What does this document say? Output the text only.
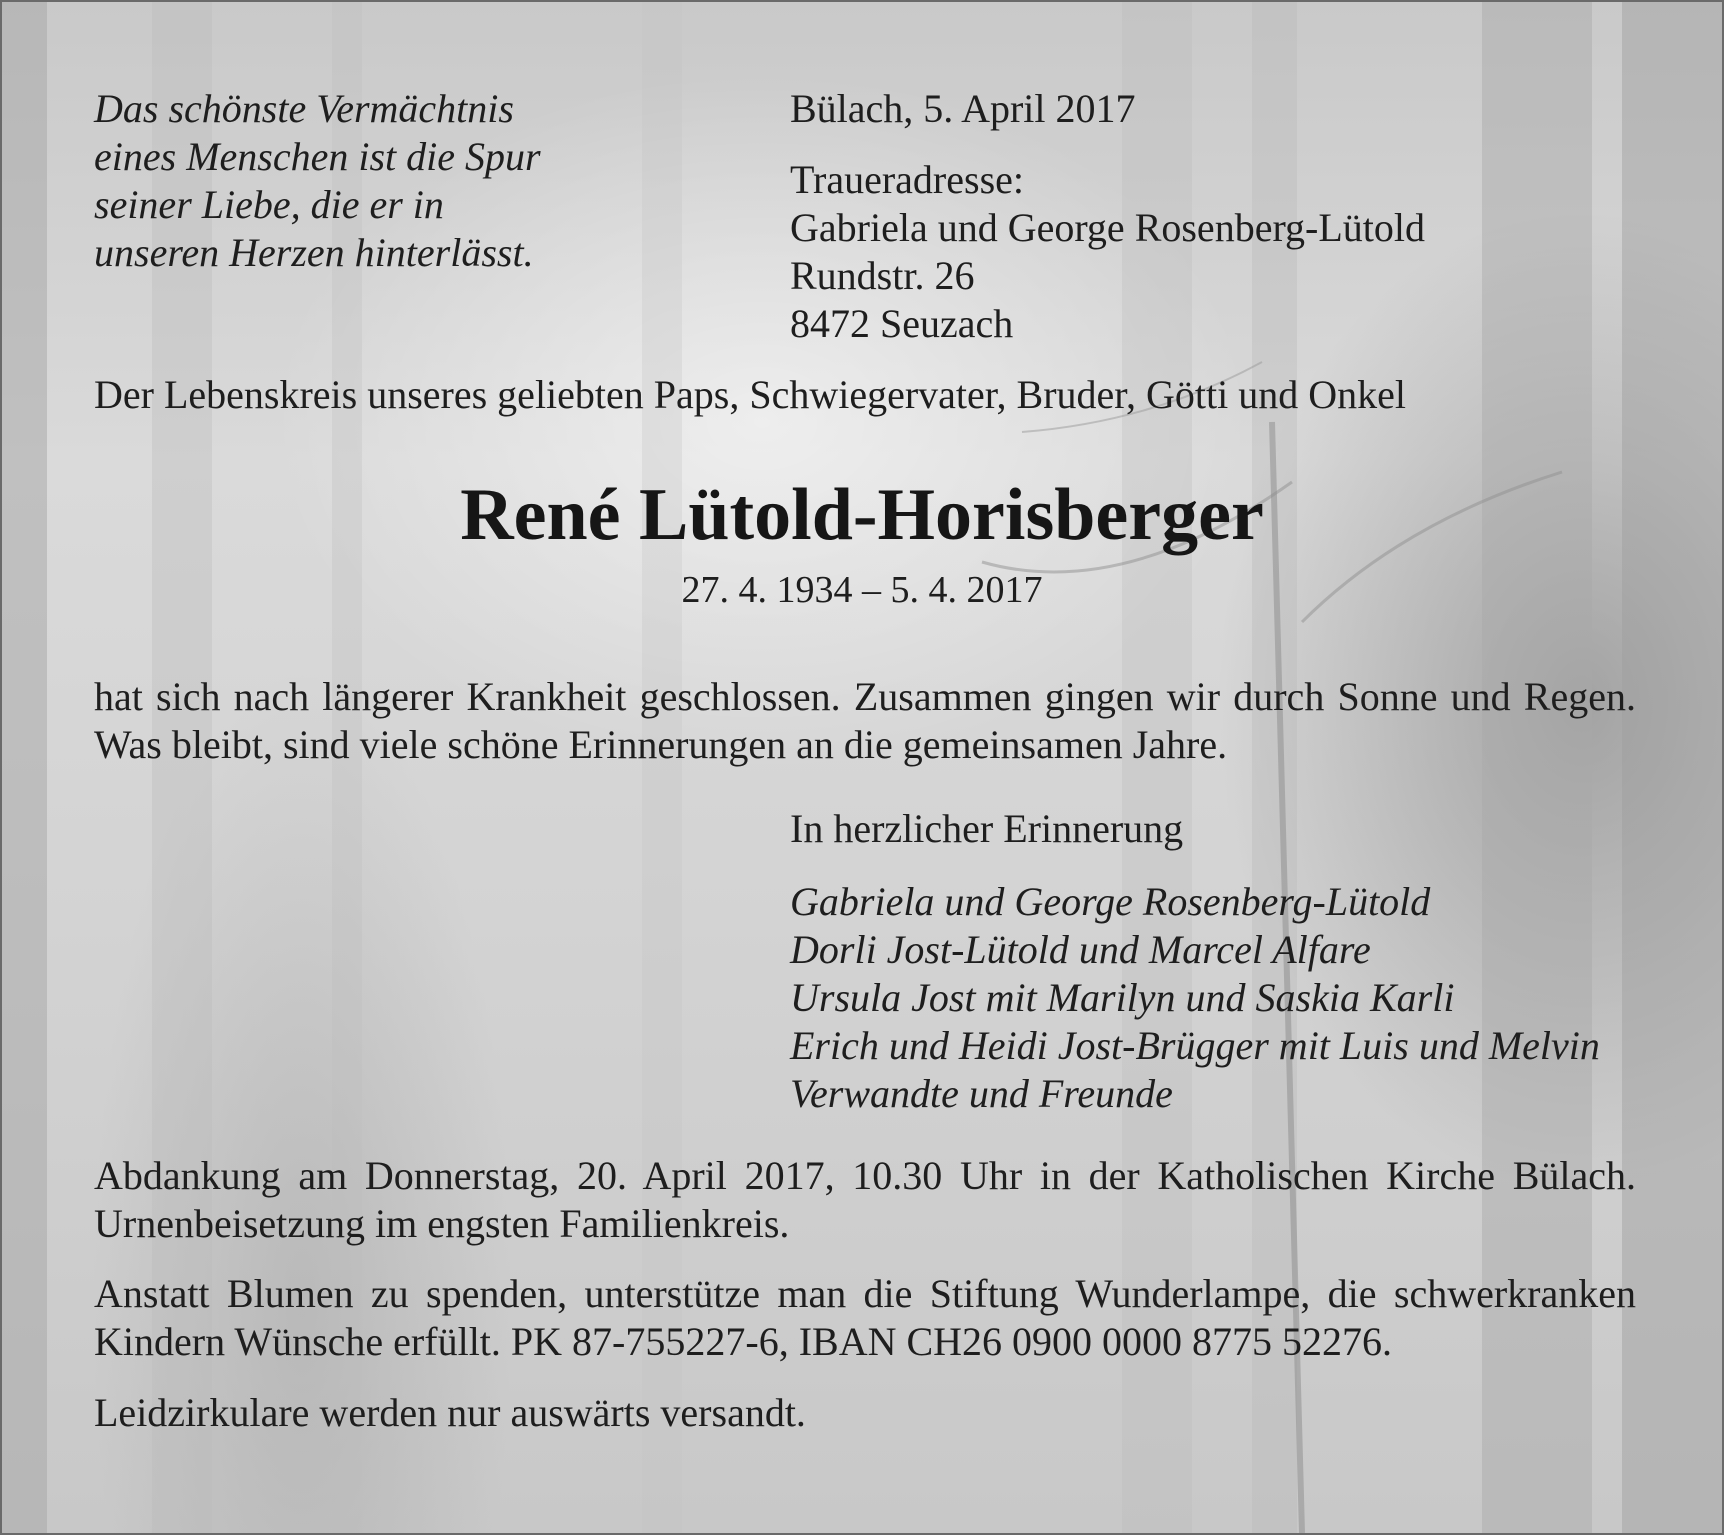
Das schönste Vermächtnis
eines Menschen ist die Spur
seiner Liebe, die er in
unseren Herzen hinterlässt.
Bülach, 5. April 2017
Traueradresse:
Gabriela und George Rosenberg-Lütold
Rundstr. 26
8472 Seuzach
Der Lebenskreis unseres geliebten Paps, Schwiegervater, Bruder, Götti und Onkel
René Lütold-Horisberger
27. 4. 1934 – 5. 4. 2017
hat sich nach längerer Krankheit geschlossen. Zusammen gingen wir durch Sonne und Regen. Was bleibt, sind viele schöne Erinnerungen an die gemeinsamen Jahre.
In herzlicher Erinnerung
Gabriela und George Rosenberg-Lütold
Dorli Jost-Lütold und Marcel Alfare
Ursula Jost mit Marilyn und Saskia Karli
Erich und Heidi Jost-Brügger mit Luis und Melvin
Verwandte und Freunde
Abdankung am Donnerstag, 20. April 2017, 10.30 Uhr in der Katholischen Kirche Bülach. Urnenbeisetzung im engsten Familienkreis.
Anstatt Blumen zu spenden, unterstütze man die Stiftung Wunderlampe, die schwerkranken Kindern Wünsche erfüllt. PK 87-755227-6, IBAN CH26 0900 0000 8775 52276.
Leidzirkulare werden nur auswärts versandt.
